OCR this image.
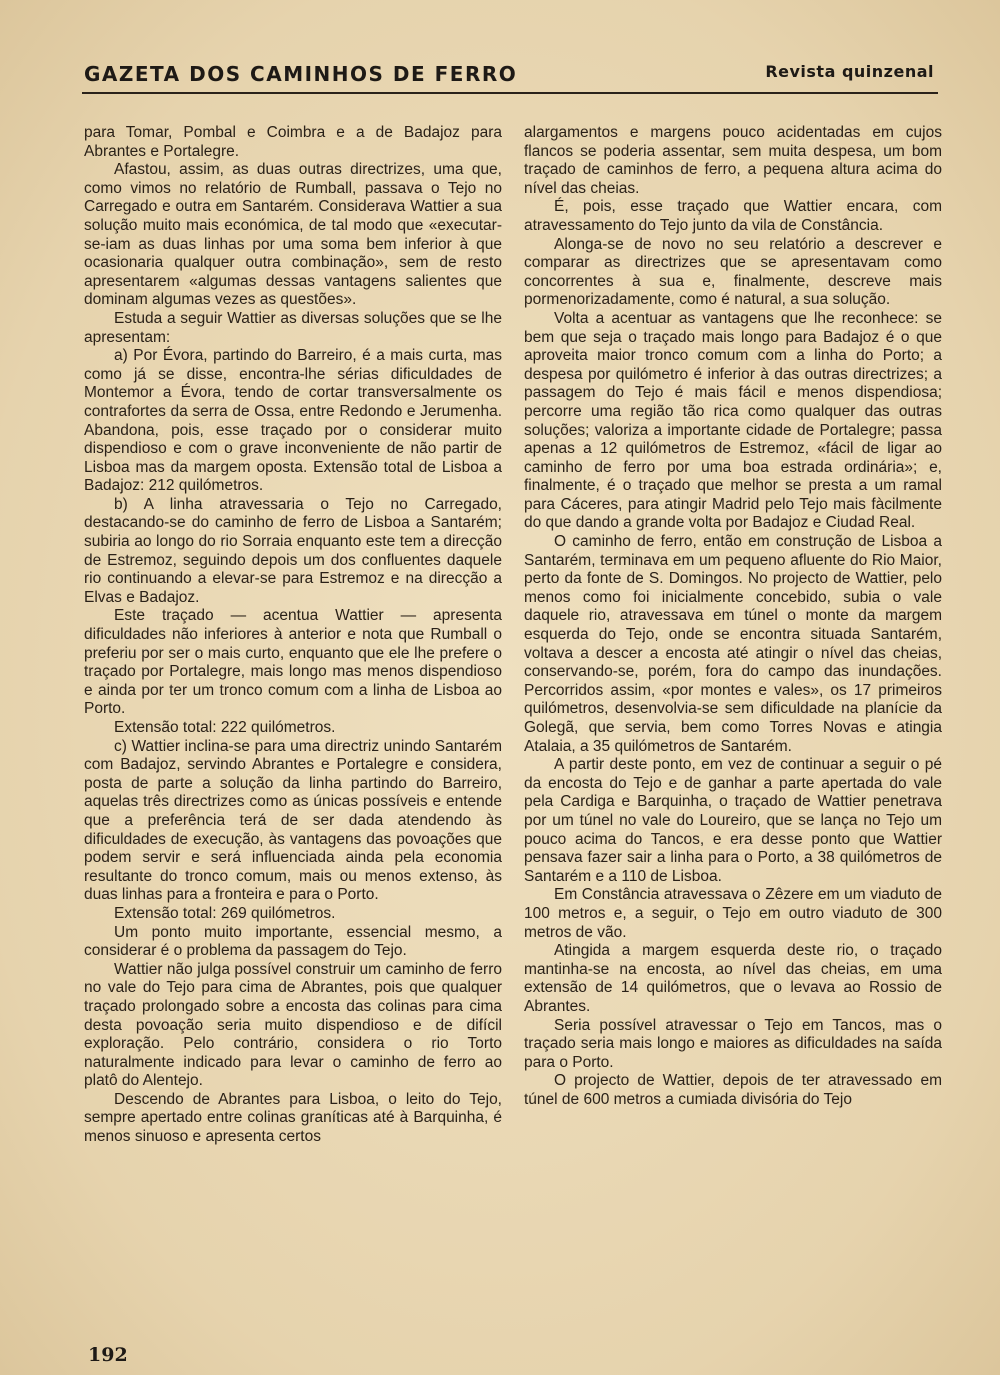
GAZETA DOS CAMINHOS DE FERRO	Revista quinzenal

para Tomar, Pombal e Coimbra e a de Badajoz para Abrantes e Portalegre.

Afastou, assim, as duas outras directrizes, uma que, como vimos no relatório de Rumball, passava o Tejo no Carregado e outra em Santarém. Considerava Wattier a sua solução muito mais económica, de tal modo que «executar-se-iam as duas linhas por uma soma bem inferior à que ocasionaria qualquer outra combinação», sem de resto apresentarem «algumas dessas vantagens salientes que dominam algumas vezes as questões».

Estuda a seguir Wattier as diversas soluções que se lhe apresentam:

a) Por Évora, partindo do Barreiro, é a mais curta, mas como já se disse, encontra-lhe sérias dificuldades de Montemor a Évora, tendo de cortar transversalmente os contrafortes da serra de Ossa, entre Redondo e Jerumenha. Abandona, pois, esse traçado por o considerar muito dispendioso e com o grave inconveniente de não partir de Lisboa mas da margem oposta. Extensão total de Lisboa a Badajoz: 212 quilómetros.

b) A linha atravessaria o Tejo no Carregado, destacando-se do caminho de ferro de Lisboa a Santarém; subiria ao longo do rio Sorraia enquanto este tem a direcção de Estremoz, seguindo depois um dos confluentes daquele rio continuando a elevar-se para Estremoz e na direcção a Elvas e Badajoz.

Este traçado — acentua Wattier — apresenta dificuldades não inferiores à anterior e nota que Rumball o preferiu por ser o mais curto, enquanto que ele lhe prefere o traçado por Portalegre, mais longo mas menos dispendioso e ainda por ter um tronco comum com a linha de Lisboa ao Porto.

Extensão total: 222 quilómetros.

c) Wattier inclina-se para uma directriz unindo Santarém com Badajoz, servindo Abrantes e Portalegre e considera, posta de parte a solução da linha partindo do Barreiro, aquelas três directrizes como as únicas possíveis e entende que a preferência terá de ser dada atendendo às dificuldades de execução, às vantagens das povoações que podem servir e será influenciada ainda pela economia resultante do tronco comum, mais ou menos extenso, às duas linhas para a fronteira e para o Porto.

Extensão total: 269 quilómetros.

Um ponto muito importante, essencial mesmo, a considerar é o problema da passagem do Tejo.

Wattier não julga possível construir um caminho de ferro no vale do Tejo para cima de Abrantes, pois que qualquer traçado prolongado sobre a encosta das colinas para cima desta povoação seria muito dispendioso e de difícil exploração. Pelo contrário, considera o rio Torto naturalmente indicado para levar o caminho de ferro ao platô do Alentejo.

Descendo de Abrantes para Lisboa, o leito do Tejo, sempre apertado entre colinas graníticas até à Barquinha, é menos sinuoso e apresenta certos

alargamentos e margens pouco acidentadas em cujos flancos se poderia assentar, sem muita despesa, um bom traçado de caminhos de ferro, a pequena altura acima do nível das cheias.

É, pois, esse traçado que Wattier encara, com atravessamento do Tejo junto da vila de Constância.

Alonga-se de novo no seu relatório a descrever e comparar as directrizes que se apresentavam como concorrentes à sua e, finalmente, descreve mais pormenorizadamente, como é natural, a sua solução.

Volta a acentuar as vantagens que lhe reconhece: se bem que seja o traçado mais longo para Badajoz é o que aproveita maior tronco comum com a linha do Porto; a despesa por quilómetro é inferior à das outras directrizes; a passagem do Tejo é mais fácil e menos dispendiosa; percorre uma região tão rica como qualquer das outras soluções; valoriza a importante cidade de Portalegre; passa apenas a 12 quilómetros de Estremoz, «fácil de ligar ao caminho de ferro por uma boa estrada ordinária»; e, finalmente, é o traçado que melhor se presta a um ramal para Cáceres, para atingir Madrid pelo Tejo mais fàcilmente do que dando a grande volta por Badajoz e Ciudad Real.

O caminho de ferro, então em construção de Lisboa a Santarém, terminava em um pequeno afluente do Rio Maior, perto da fonte de S. Domingos. No projecto de Wattier, pelo menos como foi inicialmente concebido, subia o vale daquele rio, atravessava em túnel o monte da margem esquerda do Tejo, onde se encontra situada Santarém, voltava a descer a encosta até atingir o nível das cheias, conservando-se, porém, fora do campo das inundações. Percorridos assim, «por montes e vales», os 17 primeiros quilómetros, desenvolvia-se sem dificuldade na planície da Golegã, que servia, bem como Torres Novas e atingia Atalaia, a 35 quilómetros de Santarém.

A partir deste ponto, em vez de continuar a seguir o pé da encosta do Tejo e de ganhar a parte apertada do vale pela Cardiga e Barquinha, o traçado de Wattier penetrava por um túnel no vale do Loureiro, que se lança no Tejo um pouco acima do Tancos, e era desse ponto que Wattier pensava fazer sair a linha para o Porto, a 38 quilómetros de Santarém e a 110 de Lisboa.

Em Constância atravessava o Zêzere em um viaduto de 100 metros e, a seguir, o Tejo em outro viaduto de 300 metros de vão.

Atingida a margem esquerda deste rio, o traçado mantinha-se na encosta, ao nível das cheias, em uma extensão de 14 quilómetros, que o levava ao Rossio de Abrantes.

Seria possível atravessar o Tejo em Tancos, mas o traçado seria mais longo e maiores as dificuldades na saída para o Porto.

O projecto de Wattier, depois de ter atravessado em túnel de 600 metros a cumiada divisória do Tejo

192
